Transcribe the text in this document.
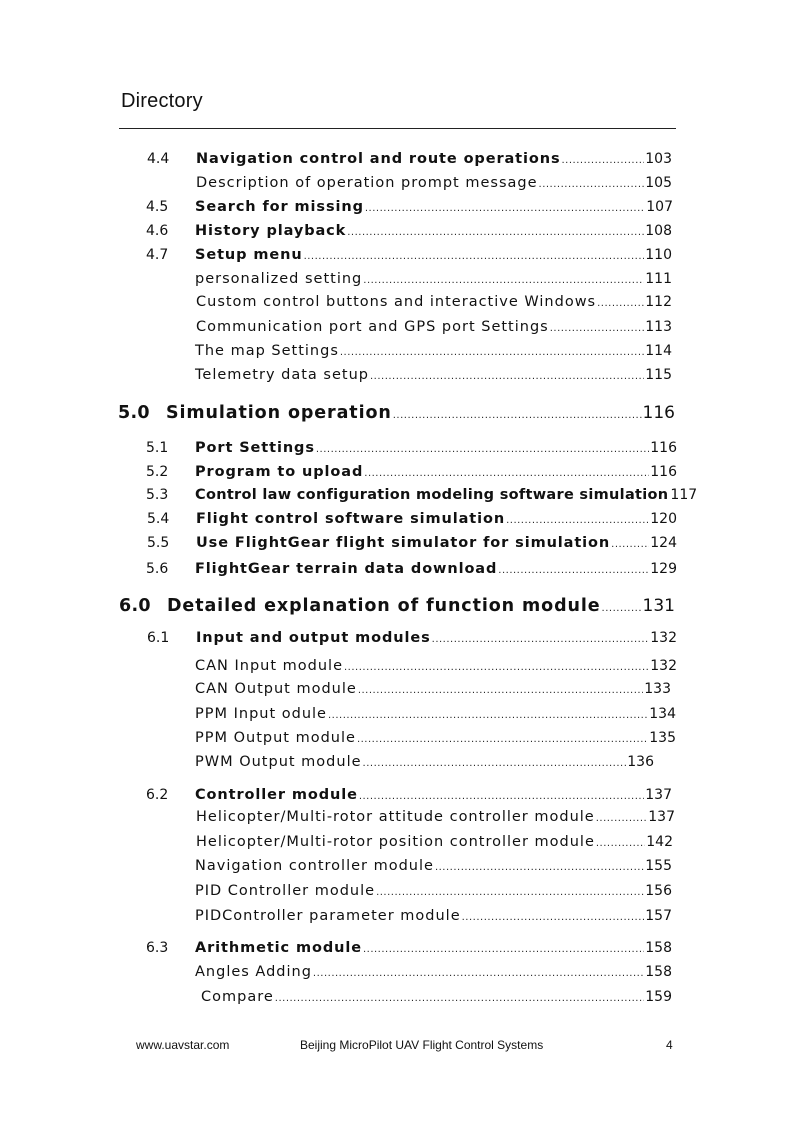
Directory
4.4 Navigation control and route operations .....	103
Description of operation prompt message .....	105
4.5 Search for missing .....	107
4.6 History playback .....	108
4.7 Setup menu .....	110
personalized setting .....	111
Custom control buttons and interactive Windows .....	112
Communication port and GPS port Settings .....	113
The map Settings .....	114
Telemetry data setup .....	115
5.0 Simulation operation .....	116
5.1 Port Settings .....	116
5.2 Program to upload .....	116
5.3 Control law configuration modeling software simulation 117
5.4 Flight control software simulation .....	120
5.5 Use FlightGear flight simulator for simulation .....	124
5.6 FlightGear terrain data download .....	129
6.0 Detailed explanation of function module ..... 131
6.1 Input and output modules .....	132
CAN Input module .....	132
CAN Output module .....	133
PPM Input odule .....	134
PPM Output module .....	135
PWM Output module .....	136
6.2 Controller module .....	137
Helicopter/Multi-rotor attitude controller module .....	137
Helicopter/Multi-rotor position controller module .....	142
Navigation controller module .....	155
PID Controller module .....	156
PIDController parameter module .....	157
6.3 Arithmetic module .....	158
Angles Adding .....	158
Compare .....	159
www.uavstar.com	Beijing MicroPilot UAV Flight Control Systems	4
